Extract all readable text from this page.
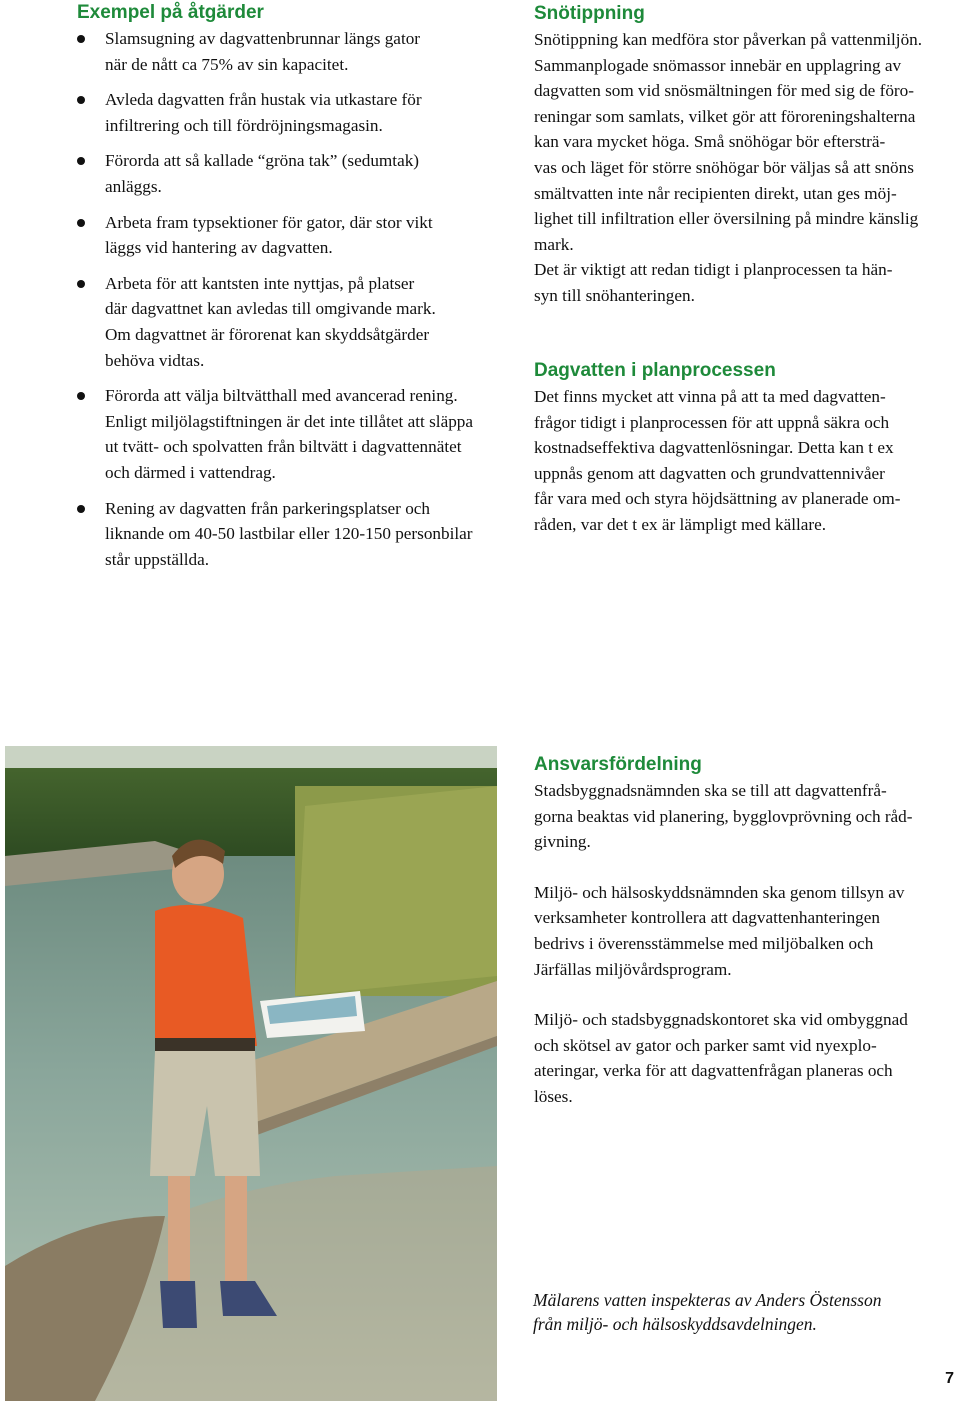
Exempel på åtgärder
Slamsugning av dagvattenbrunnar längs gator
när de nått ca 75% av sin kapacitet.
Avleda dagvatten från hustak via utkastare för
infiltrering och till fördröjningsmagasin.
Förorda att så kallade “gröna tak” (sedumtak)
anläggs.
Arbeta fram typsektioner för gator, där stor vikt
läggs vid hantering av dagvatten.
Arbeta för att kantsten inte nyttjas, på platser
där dagvattnet kan avledas till omgivande mark.
Om dagvattnet är förorenat kan skyddsåtgärder
behöva vidtas.
Förorda att välja biltvätthall med avancerad rening.
Enligt miljölagstiftningen är det inte tillåtet att släppa
ut tvätt- och spolvatten från biltvätt i dagvattennätet
och därmed i vattendrag.
Rening av dagvatten från parkeringsplatser och
liknande om 40-50 lastbilar eller 120-150 personbilar
står uppställda.
Snötippning

Snötippning kan medföra stor påverkan på vattenmiljön.
Sammanplogade snömassor innebär en upplagring av
dagvatten som vid snösmältningen för med sig de föro-
reningar som samlats, vilket gör att föroreningshalterna
kan vara mycket höga. Små snöhögar bör eftersträ-
vas och läget för större snöhögar bör väljas så att snöns
smältvatten inte når recipienten direkt, utan ges möj-
lighet till infiltration eller översilning på mindre känslig
mark.

Det är viktigt att redan tidigt i planprocessen ta hän-
syn till snöhanteringen.

Dagvatten i planprocessen

Det finns mycket att vinna på att ta med dagvatten-
frågor tidigt i planprocessen för att uppnå säkra och
kostnadseffektiva dagvattenlösningar. Detta kan t ex
uppnås genom att dagvatten och grundvattennivåer
får vara med och styra höjdsättning av planerade om-
råden, var det t ex är lämpligt med källare.

Ansvarsfördelning

Stadsbyggnadsnämnden ska se till att dagvattenfrå-
gorna beaktas vid planering, bygglovprövning och råd-
givning.

Miljö- och hälsoskyddsnämnden ska genom tillsyn av
verksamheter kontrollera att dagvattenhanteringen
bedrivs i överensstämmelse med miljöbalken och
Järfällas miljövårdsprogram.

Miljö- och stadsbyggnadskontoret ska vid ombyggnad
och skötsel av gator och parker samt vid nyexplo-
ateringar, verka för att dagvattenfrågan planeras och
löses.

Mälarens vatten inspekteras av Anders Östensson
från miljö- och hälsoskyddsavdelningen.

7
